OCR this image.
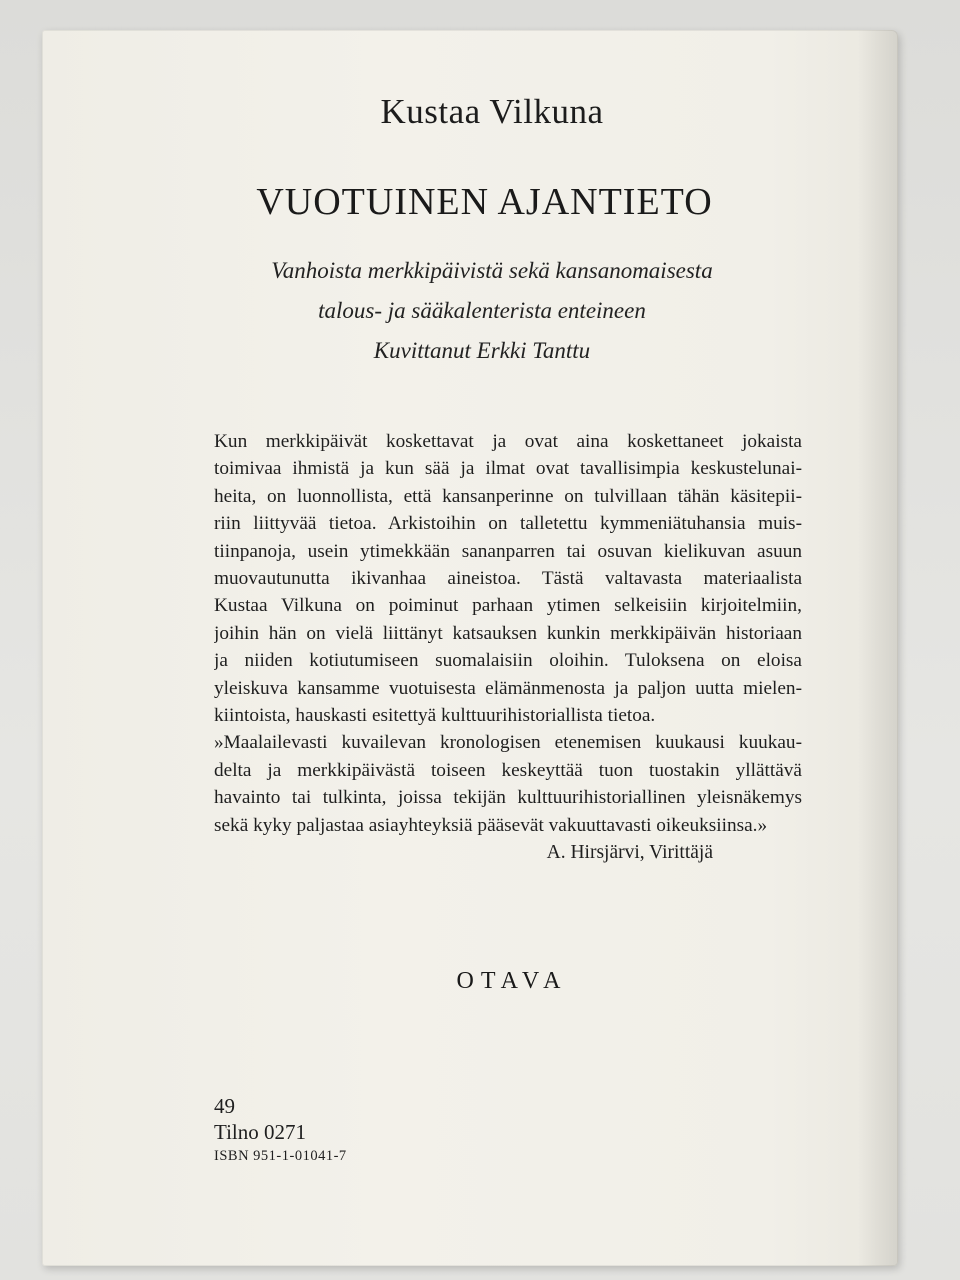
Kustaa Vilkuna
VUOTUINEN AJANTIETO
Vanhoista merkkipäivistä sekä kansanomaisesta
talous- ja sääkalenterista enteineen
Kuvittanut Erkki Tanttu
Kun merkkipäivät koskettavat ja ovat aina koskettaneet jokaista
toimivaa ihmistä ja kun sää ja ilmat ovat tavallisimpia keskustelunai-
heita, on luonnollista, että kansanperinne on tulvillaan tähän käsitepii-
riin liittyvää tietoa. Arkistoihin on talletettu kymmeniätuhansia muis-
tiinpanoja, usein ytimekkään sananparren tai osuvan kielikuvan asuun
muovautunutta ikivanhaa aineistoa. Tästä valtavasta materiaalista
Kustaa Vilkuna on poiminut parhaan ytimen selkeisiin kirjoitelmiin,
joihin hän on vielä liittänyt katsauksen kunkin merkkipäivän historiaan
ja niiden kotiutumiseen suomalaisiin oloihin. Tuloksena on eloisa
yleiskuva kansamme vuotuisesta elämänmenosta ja paljon uutta mielen-
kiintoista, hauskasti esitettyä kulttuurihistoriallista tietoa.
»Maalailevasti kuvailevan kronologisen etenemisen kuukausi kuukau-
delta ja merkkipäivästä toiseen keskeyttää tuon tuostakin yllättävä
havainto tai tulkinta, joissa tekijän kulttuurihistoriallinen yleisnäkemys
sekä kyky paljastaa asiayhteyksiä pääsevät vakuuttavasti oikeuksiinsa.»
A. Hirsjärvi, Virittäjä
OTAVA
49
Tilno 0271
ISBN 951-1-01041-7
